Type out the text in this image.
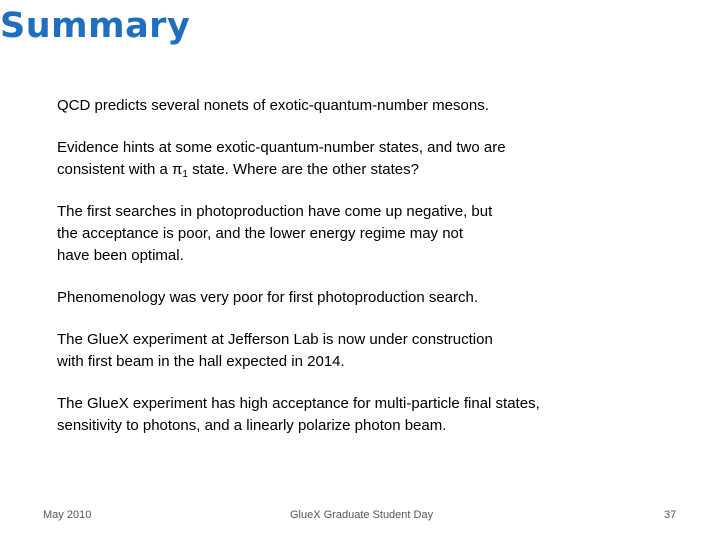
Summary

QCD predicts several nonets of exotic-quantum-number mesons.

Evidence hints at some exotic-quantum-number states, and two are
consistent with a $\pi_1$ state. Where are the other states?

The first searches in photoproduction have come up negative, but
the acceptance is poor, and the lower energy regime may not
have been optimal.

Phenomenology was very poor for first photoproduction search.

The GlueX experiment at Jefferson Lab is now under construction
with first beam in the hall expected in 2014.

The GlueX experiment has high acceptance for multi-particle final states,
sensitivity to photons, and a linearly polarize photon beam.

May 2010	GlueX Graduate Student Day	37
